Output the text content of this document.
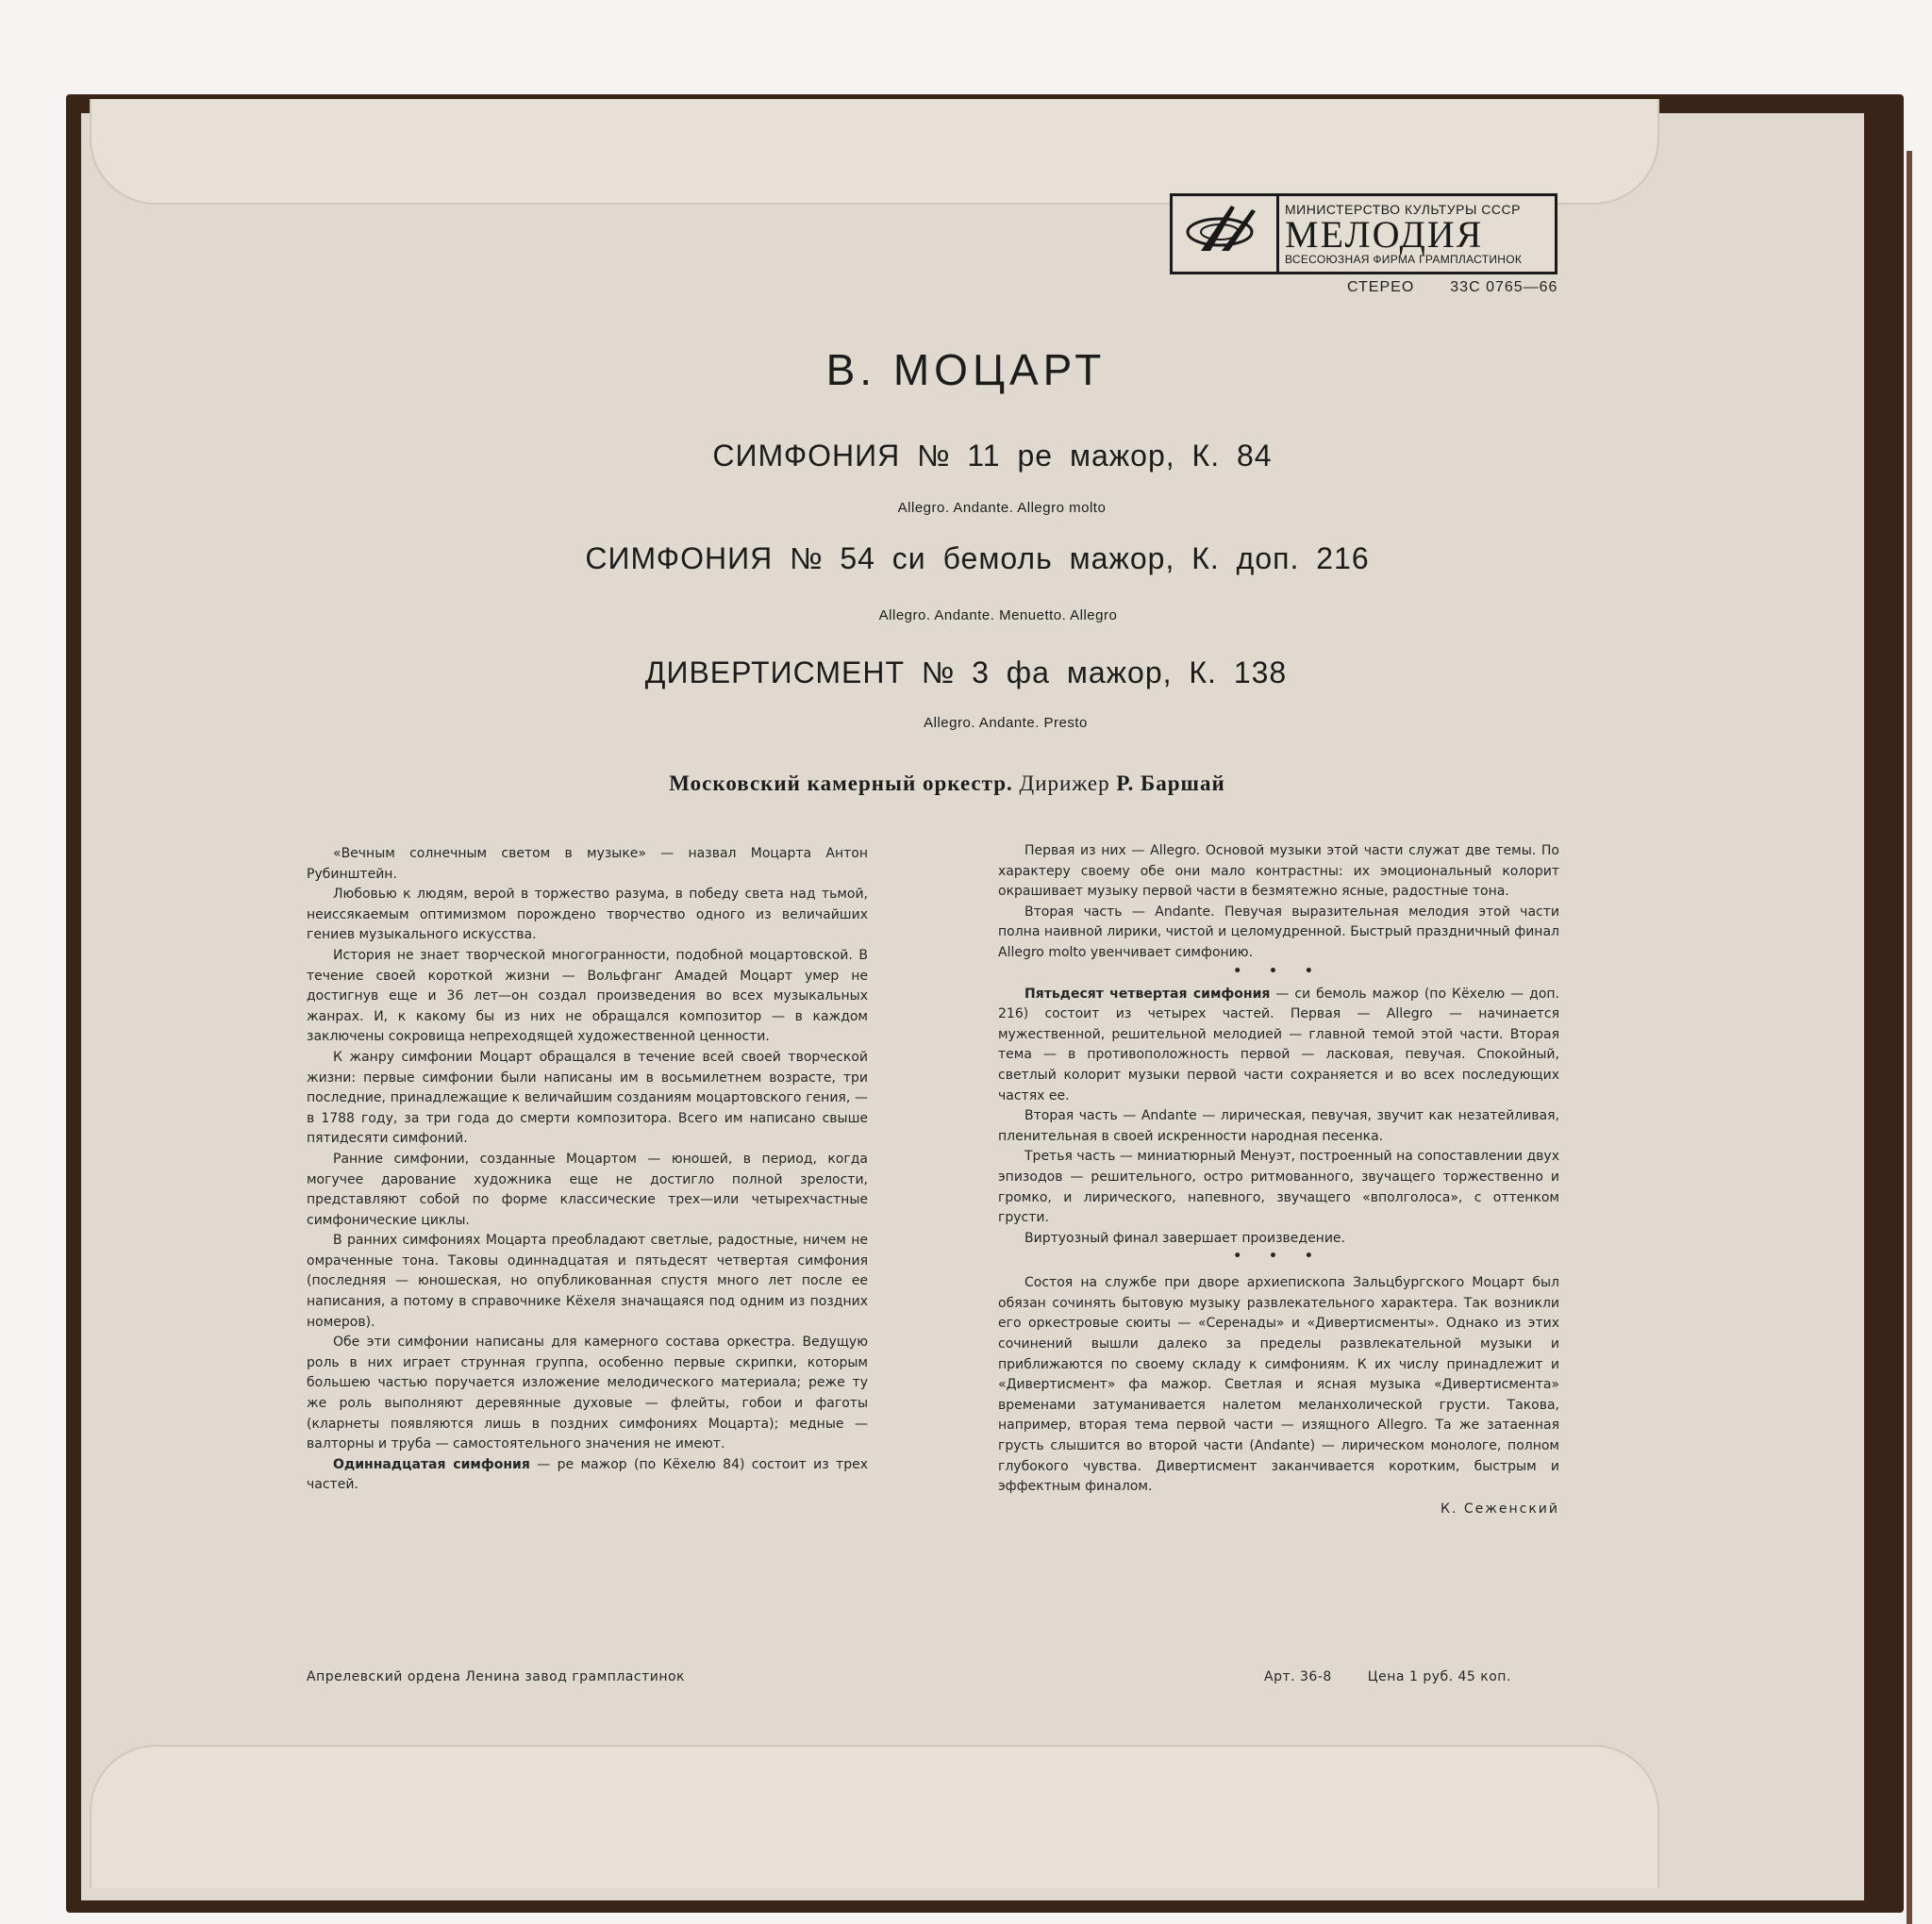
МИНИСТЕРСТВО КУЛЬТУРЫ СССР
МЕЛОДИЯ
ВСЕСОЮЗНАЯ ФИРМА ГРАМПЛАСТИНОК
СТЕРЕО 33С 0765—66
В. МОЦАРТ
СИМФОНИЯ № 11 ре мажор, К. 84
Allegro. Andante. Allegro molto
СИМФОНИЯ № 54 си бемоль мажор, К. доп. 216
Allegro. Andante. Menuetto. Allegro
ДИВЕРТИСМЕНТ № 3 фа мажор, К. 138
Allegro. Andante. Presto
Московский камерный оркестр. Дирижер Р. Баршай

«Вечным солнечным светом в музыке» — назвал Моцарта Антон Рубинштейн.

Любовью к людям, верой в торжество разума, в победу света над тьмой, неиссякаемым оптимизмом порождено творчество одного из величайших гениев музыкального искусства.

История не знает творческой многогранности, подобной моцартовской. В течение своей короткой жизни — Вольфганг Амадей Моцарт умер не достигнув еще и 36 лет—он создал произведения во всех музыкальных жанрах. И, к какому бы из них не обращался композитор — в каждом заключены сокровища непреходящей художественной ценности.

К жанру симфонии Моцарт обращался в течение всей своей творческой жизни: первые симфонии были написаны им в восьмилетнем возрасте, три последние, принадлежащие к величайшим созданиям моцартовского гения, — в 1788 году, за три года до смерти композитора. Всего им написано свыше пятидесяти симфоний.

Ранние симфонии, созданные Моцартом — юношей, в период, когда могучее дарование художника еще не достигло полной зрелости, представляют собой по форме классические трех—или четырехчастные симфонические циклы.

В ранних симфониях Моцарта преобладают светлые, радостные, ничем не омраченные тона. Таковы одиннадцатая и пятьдесят четвертая симфония (последняя — юношеская, но опубликованная спустя много лет после ее написания, а потому в справочнике Кёхеля значащаяся под одним из поздних номеров).

Обе эти симфонии написаны для камерного состава оркестра. Ведущую роль в них играет струнная группа, особенно первые скрипки, которым большею частью поручается изложение мелодического материала; реже ту же роль выполняют деревянные духовые — флейты, гобои и фаготы (кларнеты появляются лишь в поздних симфониях Моцарта); медные — валторны и труба — самостоятельного значения не имеют.

Одиннадцатая симфония — ре мажор (по Кёхелю 84) состоит из трех частей.

Первая из них — Allegro. Основой музыки этой части служат две темы. По характеру своему обе они мало контрастны: их эмоциональный колорит окрашивает музыку первой части в безмятежно ясные, радостные тона.

Вторая часть — Andante. Певучая выразительная мелодия этой части полна наивной лирики, чистой и целомудренной. Быстрый праздничный финал Allegro molto увенчивает симфонию.

• • •

Пятьдесят четвертая симфония — си бемоль мажор (по Кёхелю — доп. 216) состоит из четырех частей. Первая — Allegro — начинается мужественной, решительной мелодией — главной темой этой части. Вторая тема — в противоположность первой — ласковая, певучая. Спокойный, светлый колорит музыки первой части сохраняется и во всех последующих частях ее.

Вторая часть — Andante — лирическая, певучая, звучит как незатейливая, пленительная в своей искренности народная песенка.

Третья часть — миниатюрный Менуэт, построенный на сопоставлении двух эпизодов — решительного, остро ритмованного, звучащего торжественно и громко, и лирического, напевного, звучащего «вполголоса», с оттенком грусти.

Виртуозный финал завершает произведение.

• • •

Состоя на службе при дворе архиепископа Зальцбургского Моцарт был обязан сочинять бытовую музыку развлекательного характера. Так возникли его оркестровые сюиты — «Серенады» и «Дивертисменты». Однако из этих сочинений вышли далеко за пределы развлекательной музыки и приближаются по своему складу к симфониям. К их числу принадлежит и «Дивертисмент» фа мажор. Светлая и ясная музыка «Дивертисмента» временами затуманивается налетом меланхолической грусти. Такова, например, вторая тема первой части — изящного Allegro. Та же затаенная грусть слышится во второй части (Andante) — лирическом монологе, полном глубокого чувства. Дивертисмент заканчивается коротким, быстрым и эффектным финалом.

К. Сеженский
Апрелевский ордена Ленина завод грампластинок	Арт. 36-8	Цена 1 руб. 45 коп.
